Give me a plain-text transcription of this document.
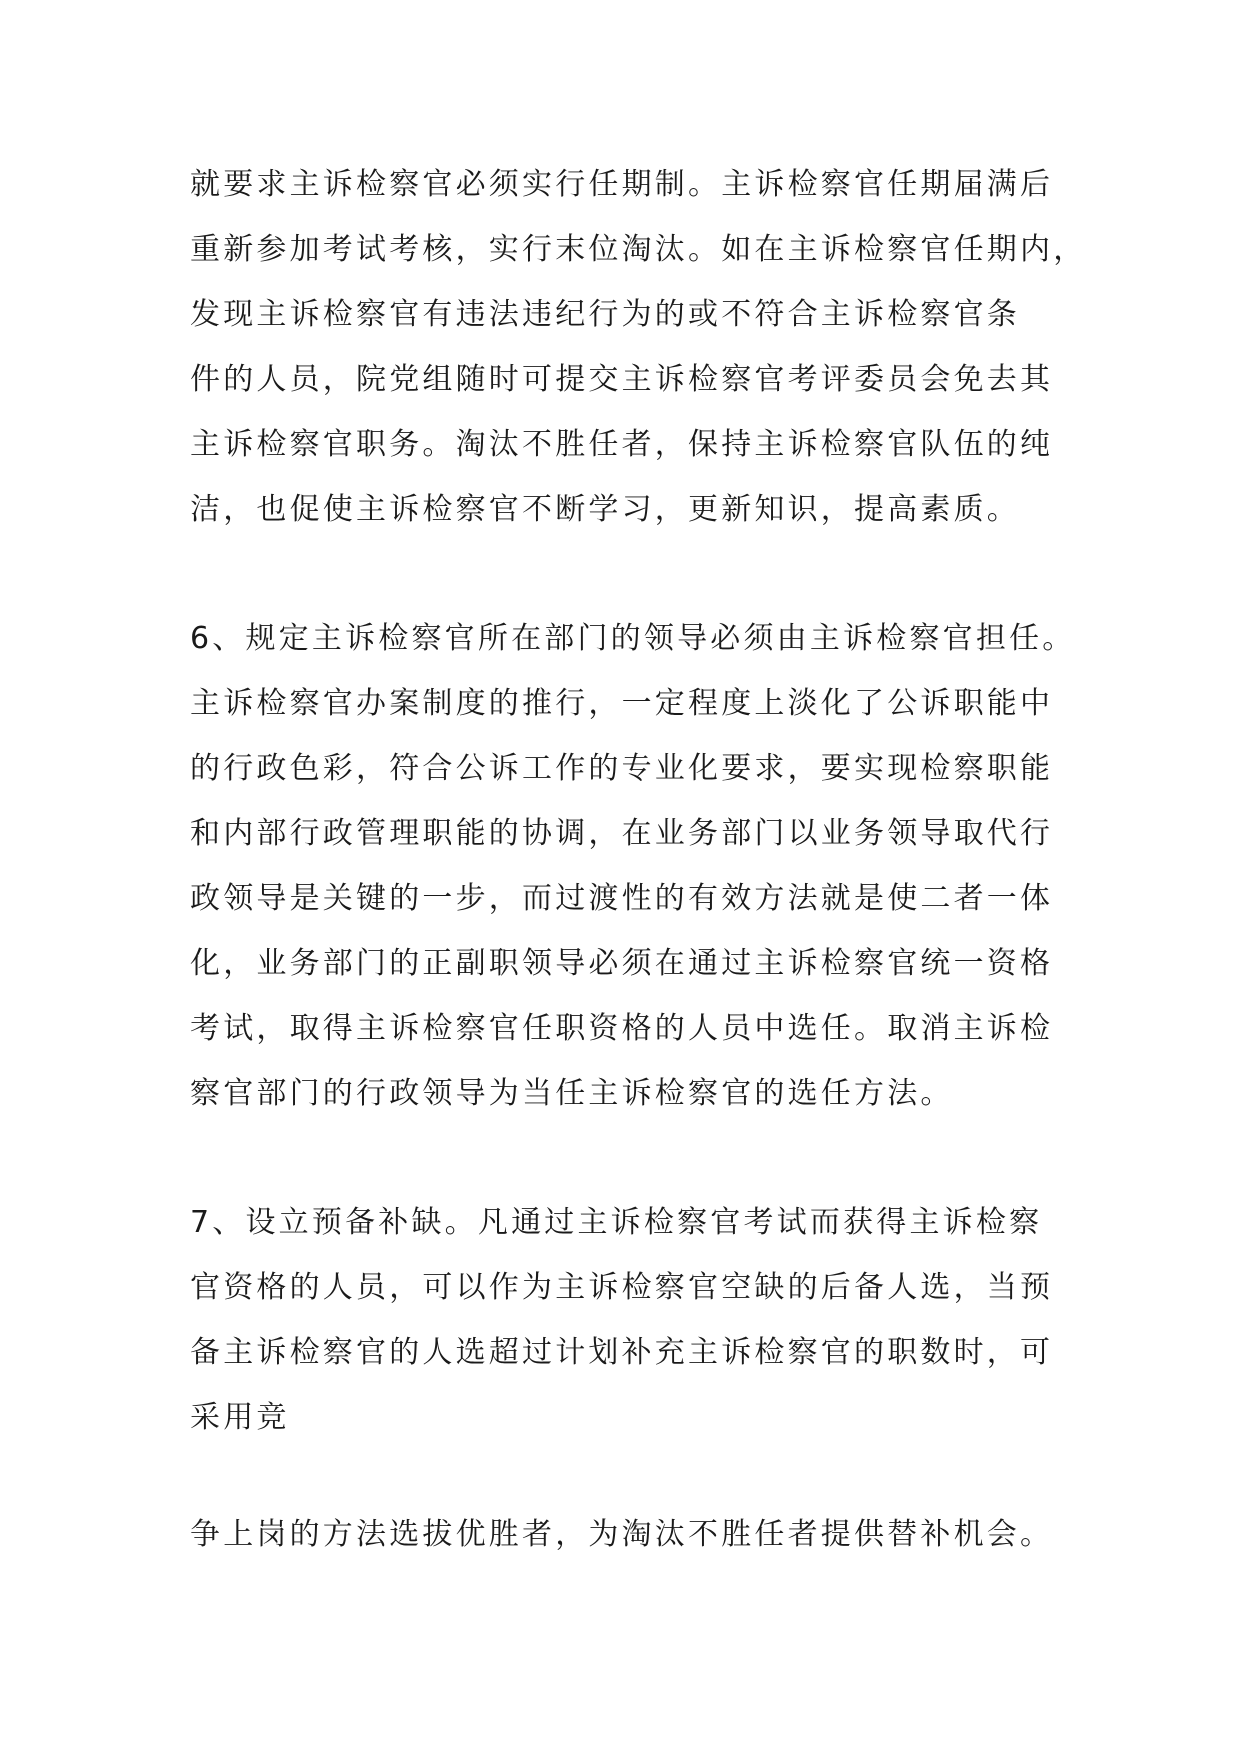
就要求主诉检察官必须实行任期制。主诉检察官任期届满后
重新参加考试考核，实行末位淘汰。如在主诉检察官任期内，
发现主诉检察官有违法违纪行为的或不符合主诉检察官条
件的人员，院党组随时可提交主诉检察官考评委员会免去其
主诉检察官职务。淘汰不胜任者，保持主诉检察官队伍的纯
洁，也促使主诉检察官不断学习，更新知识，提高素质。
6、规定主诉检察官所在部门的领导必须由主诉检察官担任。
主诉检察官办案制度的推行，一定程度上淡化了公诉职能中
的行政色彩，符合公诉工作的专业化要求，要实现检察职能
和内部行政管理职能的协调，在业务部门以业务领导取代行
政领导是关键的一步，而过渡性的有效方法就是使二者一体
化，业务部门的正副职领导必须在通过主诉检察官统一资格
考试，取得主诉检察官任职资格的人员中选任。取消主诉检
察官部门的行政领导为当任主诉检察官的选任方法。
7、设立预备补缺。凡通过主诉检察官考试而获得主诉检察
官资格的人员，可以作为主诉检察官空缺的后备人选，当预
备主诉检察官的人选超过计划补充主诉检察官的职数时，可
采用竞
争上岗的方法选拔优胜者，为淘汰不胜任者提供替补机会。
